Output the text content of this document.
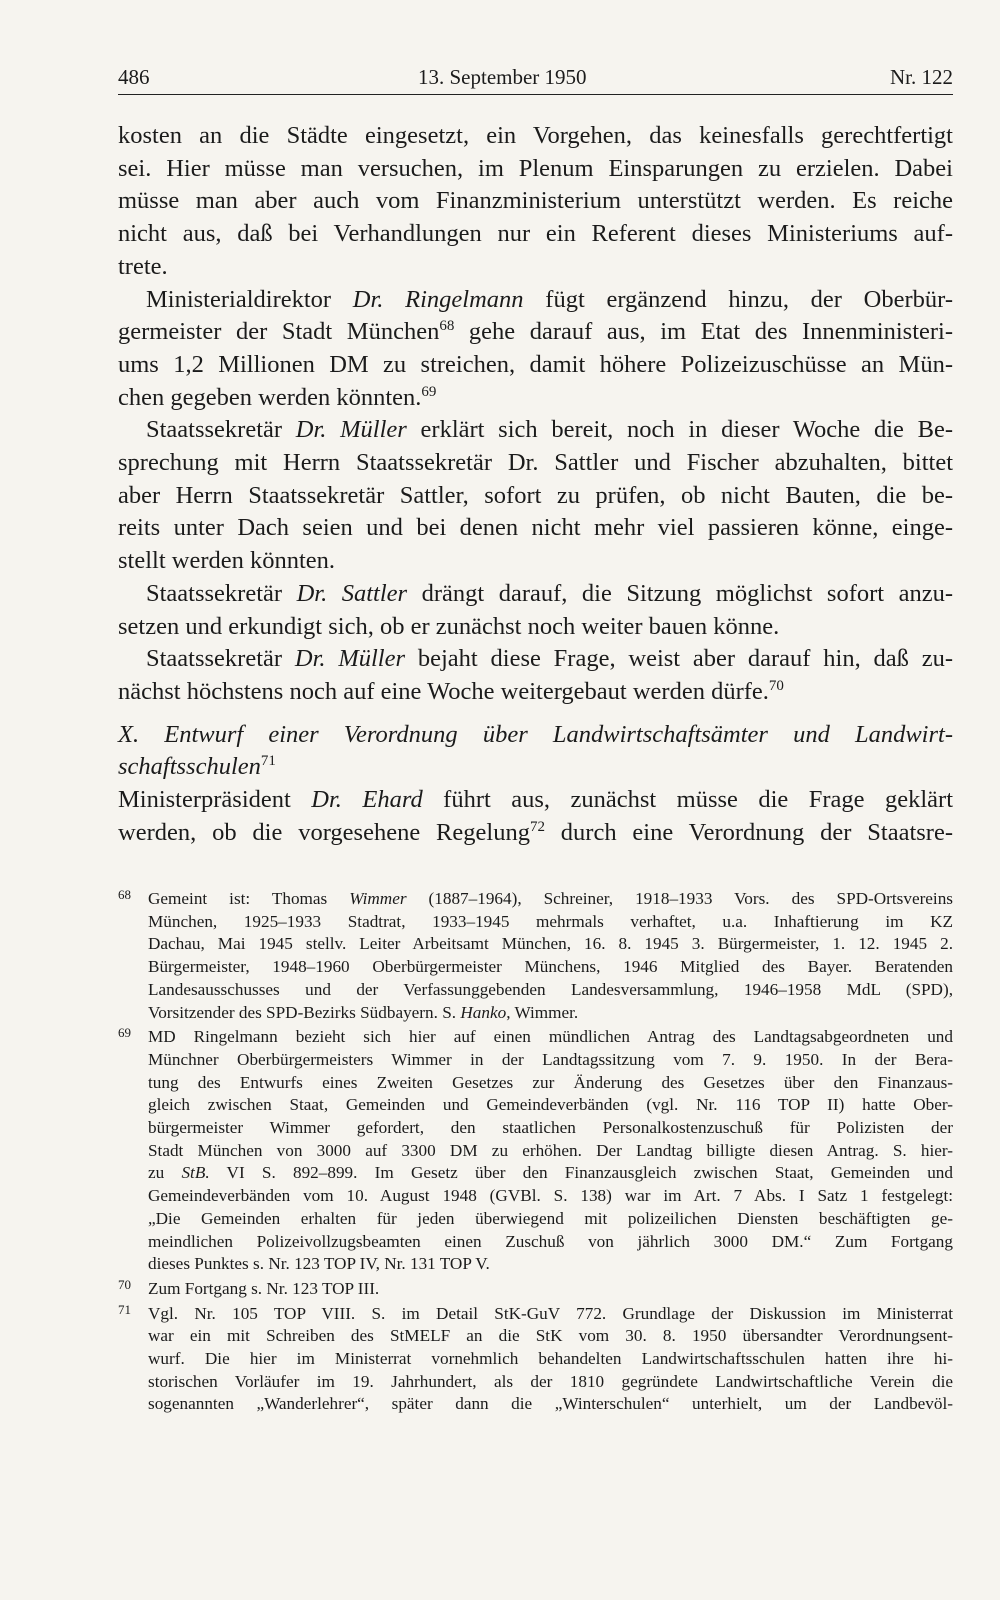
486	13. September 1950	Nr. 122
kosten an die Städte eingesetzt, ein Vorgehen, das keinesfalls gerechtfertigt
sei. Hier müsse man versuchen, im Plenum Einsparungen zu erzielen. Dabei
müsse man aber auch vom Finanzministerium unterstützt werden. Es reiche
nicht aus, daß bei Verhandlungen nur ein Referent dieses Ministeriums auf-
trete.
Ministerialdirektor Dr. Ringelmann fügt ergänzend hinzu, der Oberbür-
germeister der Stadt München$^{68}$ gehe darauf aus, im Etat des Innenministeri-
ums 1,2 Millionen DM zu streichen, damit höhere Polizeizuschüsse an Mün-
chen gegeben werden könnten.$^{69}$
Staatssekretär Dr. Müller erklärt sich bereit, noch in dieser Woche die Be-
sprechung mit Herrn Staatssekretär Dr. Sattler und Fischer abzuhalten, bittet
aber Herrn Staatssekretär Sattler, sofort zu prüfen, ob nicht Bauten, die be-
reits unter Dach seien und bei denen nicht mehr viel passieren könne, einge-
stellt werden könnten.
Staatssekretär Dr. Sattler drängt darauf, die Sitzung möglichst sofort anzu-
setzen und erkundigt sich, ob er zunächst noch weiter bauen könne.
Staatssekretär Dr. Müller bejaht diese Frage, weist aber darauf hin, daß zu-
nächst höchstens noch auf eine Woche weitergebaut werden dürfe.$^{70}$
X. Entwurf einer Verordnung über Landwirtschaftsämter und Landwirt-
schaftsschulen$^{71}$
Ministerpräsident Dr. Ehard führt aus, zunächst müsse die Frage geklärt
werden, ob die vorgesehene Regelung$^{72}$ durch eine Verordnung der Staatsre-
68 Gemeint ist: Thomas Wimmer (1887–1964), Schreiner, 1918–1933 Vors. des SPD-Ortsvereins
München, 1925–1933 Stadtrat, 1933–1945 mehrmals verhaftet, u.a. Inhaftierung im KZ
Dachau, Mai 1945 stellv. Leiter Arbeitsamt München, 16. 8. 1945 3. Bürgermeister, 1. 12. 1945 2.
Bürgermeister, 1948–1960 Oberbürgermeister Münchens, 1946 Mitglied des Bayer. Beratenden
Landesausschusses und der Verfassunggebenden Landesversammlung, 1946–1958 MdL (SPD),
Vorsitzender des SPD-Bezirks Südbayern. S. Hanko, Wimmer.
69 MD Ringelmann bezieht sich hier auf einen mündlichen Antrag des Landtagsabgeordneten und
Münchner Oberbürgermeisters Wimmer in der Landtagssitzung vom 7. 9. 1950. In der Bera-
tung des Entwurfs eines Zweiten Gesetzes zur Änderung des Gesetzes über den Finanzaus-
gleich zwischen Staat, Gemeinden und Gemeindeverbänden (vgl. Nr. 116 TOP II) hatte Ober-
bürgermeister Wimmer gefordert, den staatlichen Personalkostenzuschuß für Polizisten der
Stadt München von 3000 auf 3300 DM zu erhöhen. Der Landtag billigte diesen Antrag. S. hier-
zu StB. VI S. 892–899. Im Gesetz über den Finanzausgleich zwischen Staat, Gemeinden und
Gemeindeverbänden vom 10. August 1948 (GVBl. S. 138) war im Art. 7 Abs. I Satz 1 festgelegt:
„Die Gemeinden erhalten für jeden überwiegend mit polizeilichen Diensten beschäftigten ge-
meindlichen Polizeivollzugsbeamten einen Zuschuß von jährlich 3000 DM.“ Zum Fortgang
dieses Punktes s. Nr. 123 TOP IV, Nr. 131 TOP V.
70 Zum Fortgang s. Nr. 123 TOP III.
71 Vgl. Nr. 105 TOP VIII. S. im Detail StK-GuV 772. Grundlage der Diskussion im Ministerrat
war ein mit Schreiben des StMELF an die StK vom 30. 8. 1950 übersandter Verordnungsent-
wurf. Die hier im Ministerrat vornehmlich behandelten Landwirtschaftsschulen hatten ihre hi-
storischen Vorläufer im 19. Jahrhundert, als der 1810 gegründete Landwirtschaftliche Verein die
sogenannten „Wanderlehrer“, später dann die „Winterschulen“ unterhielt, um der Landbevöl-
